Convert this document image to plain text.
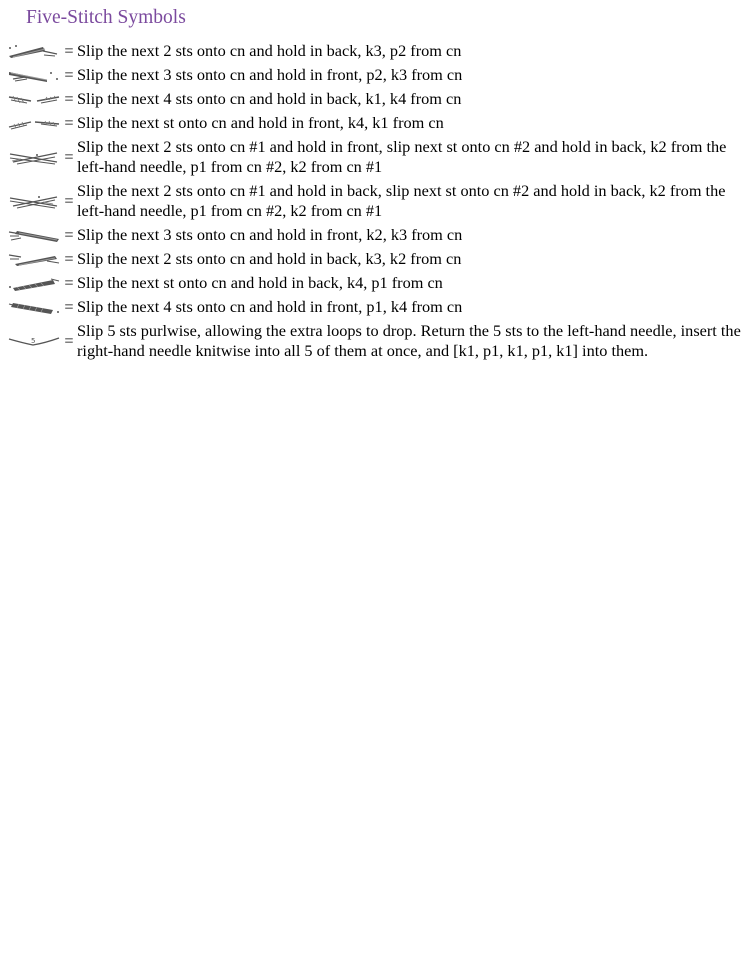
Five-Stitch Symbols
= Slip the next 2 sts onto cn and hold in back, k3, p2 from cn
= Slip the next 3 sts onto cn and hold in front, p2, k3 from cn
= Slip the next 4 sts onto cn and hold in back, k1, k4 from cn
= Slip the next st onto cn and hold in front, k4, k1 from cn
=
Slip the next 2 sts onto cn #1 and hold in front, slip next st onto cn #2 and hold in back, k2 from the left-hand needle, p1 from cn #2, k2 from cn #1
=
Slip the next 2 sts onto cn #1 and hold in back, slip next st onto cn #2 and hold in back, k2 from the left-hand needle, p1 from cn #2, k2 from cn #1
= Slip the next 3 sts onto cn and hold in front, k2, k3 from cn
= Slip the next 2 sts onto cn and hold in back, k3, k2 from cn
= Slip the next st onto cn and hold in back, k4, p1 from cn
= Slip the next 4 sts onto cn and hold in front, p1, k4 from cn
5 =
Slip 5 sts purlwise, allowing the extra loops to drop. Return the 5 sts to the left-hand needle, insert the right-hand needle knitwise into all 5 of them at once, and [k1, p1, k1, p1, k1] into them.
